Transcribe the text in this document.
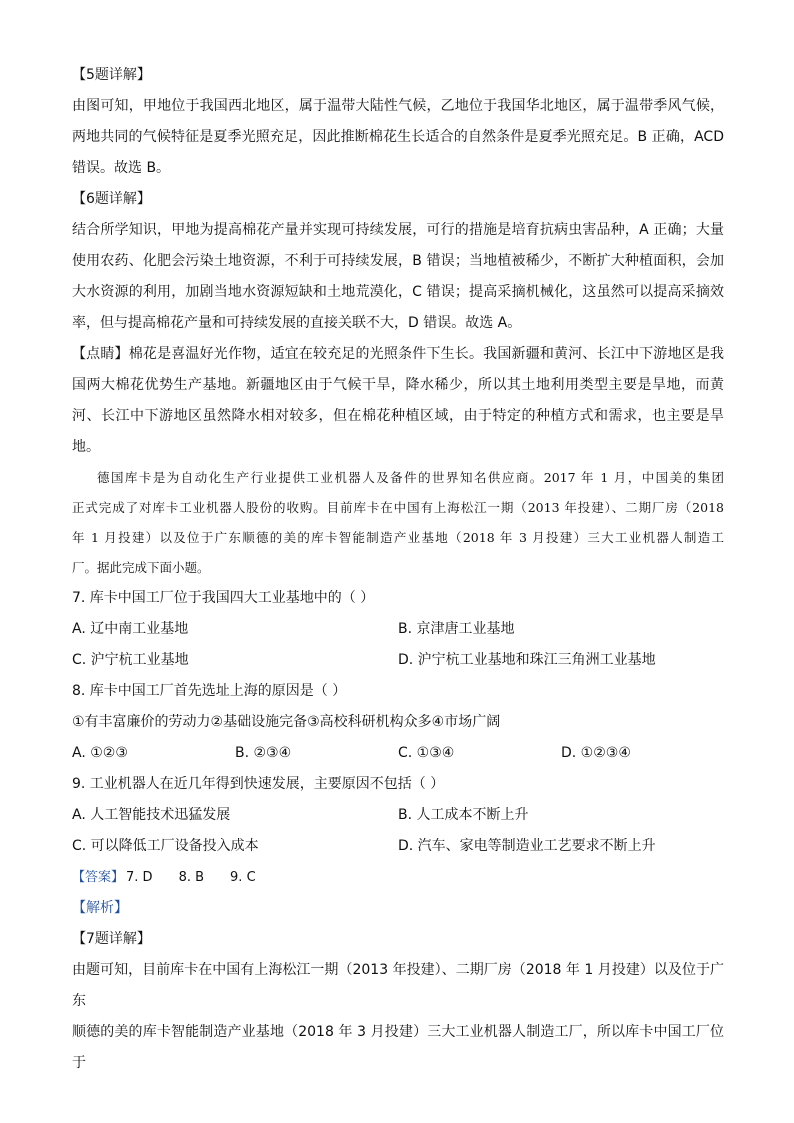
【5题详解】

由图可知，甲地位于我国西北地区，属于温带大陆性气候，乙地位于我国华北地区，属于温带季风气候，

两地共同的气候特征是夏季光照充足，因此推断棉花生长适合的自然条件是夏季光照充足。B 正确，ACD

错误。故选 B。

【6题详解】

结合所学知识，甲地为提高棉花产量并实现可持续发展，可行的措施是培育抗病虫害品种，A 正确；大量

使用农药、化肥会污染土地资源，不利于可持续发展，B 错误；当地植被稀少，不断扩大种植面积，会加

大水资源的利用，加剧当地水资源短缺和土地荒漠化，C 错误；提高采摘机械化，这虽然可以提高采摘效

率，但与提高棉花产量和可持续发展的直接关联不大，D 错误。故选 A。

【点睛】棉花是喜温好光作物，适宜在较充足的光照条件下生长。我国新疆和黄河、长江中下游地区是我

国两大棉花优势生产基地。新疆地区由于气候干旱，降水稀少，所以其土地利用类型主要是旱地，而黄

河、长江中下游地区虽然降水相对较多，但在棉花种植区域，由于特定的种植方式和需求，也主要是旱

地。

德国库卡是为自动化生产行业提供工业机器人及备件的世界知名供应商。2017 年 1 月，中国美的集团

正式完成了对库卡工业机器人股份的收购。目前库卡在中国有上海松江一期（2013 年投建）、二期厂房（2018

年 1 月投建）以及位于广东顺德的美的库卡智能制造产业基地（2018 年 3 月投建）三大工业机器人制造工

厂。据此完成下面小题。

7. 库卡中国工厂位于我国四大工业基地中的（ ）

A. 辽中南工业基地	B. 京津唐工业基地
C. 沪宁杭工业基地	D. 沪宁杭工业基地和珠江三角洲工业基地

8. 库卡中国工厂首先选址上海的原因是（ ）

①有丰富廉价的劳动力②基础设施完备③高校科研机构众多④市场广阔

A. ①②③	B. ②③④	C. ①③④	D. ①②③④

9. 工业机器人在近几年得到快速发展，主要原因不包括（ ）

A. 人工智能技术迅猛发展	B. 人工成本不断上升
C. 可以降低工厂设备投入成本	D. 汽车、家电等制造业工艺要求不断上升

【答案】 7. D 8. B 9. C

【解析】

【7题详解】

由题可知，目前库卡在中国有上海松江一期（2013 年投建）、二期厂房（2018 年 1 月投建）以及位于广东

顺德的美的库卡智能制造产业基地（2018 年 3 月投建）三大工业机器人制造工厂，所以库卡中国工厂位于
